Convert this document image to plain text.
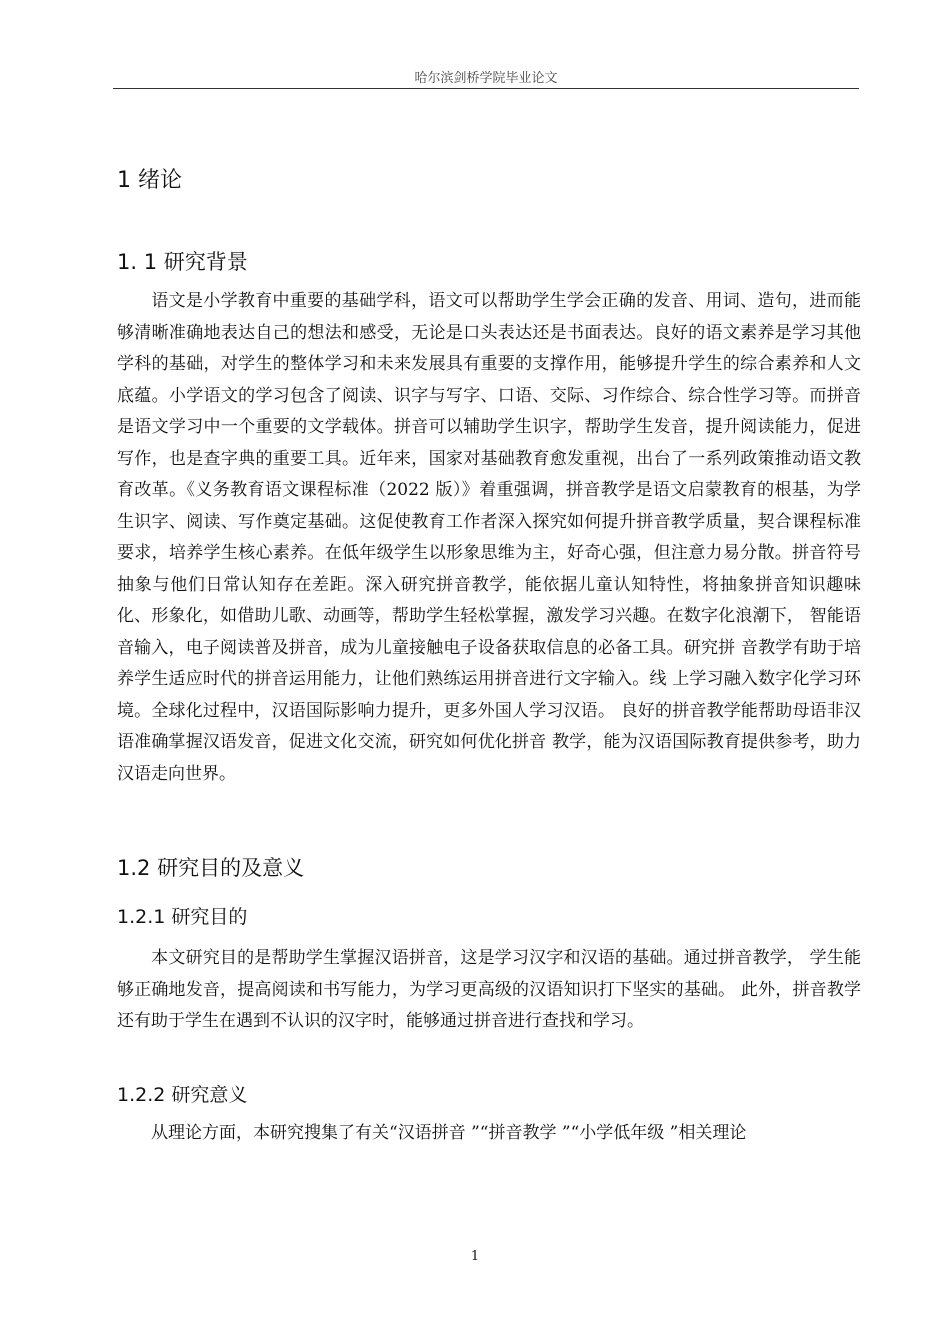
哈尔滨剑桥学院毕业论文
1 绪论
1. 1 研究背景
语文是小学教育中重要的基础学科，语文可以帮助学生学会正确的发音、用词、造句，进而能够清晰准确地表达自己的想法和感受，无论是口头表达还是书面表达。良好的语文素养是学习其他学科的基础，对学生的整体学习和未来发展具有重要的支撑作用，能够提升学生的综合素养和人文底蕴。小学语文的学习包含了阅读、识字与写字、口语、交际、习作综合、综合性学习等。而拼音是语文学习中一个重要的文学载体。拼音可以辅助学生识字，帮助学生发音，提升阅读能力，促进写作，也是查字典的重要工具。近年来，国家对基础教育愈发重视，出台了一系列政策推动语文教育改革。《义务教育语文课程标准（2022 版）》着重强调，拼音教学是语文启蒙教育的根基，为学生识字、阅读、写作奠定基础。这促使教育工作者深入探究如何提升拼音教学质量，契合课程标准要求，培养学生核心素养。在低年级学生以形象思维为主，好奇心强，但注意力易分散。拼音符号抽象与他们日常认知存在差距。深入研究拼音教学，能依据儿童认知特性，将抽象拼音知识趣味化、形象化，如借助儿歌、动画等，帮助学生轻松掌握，激发学习兴趣。在数字化浪潮下， 智能语音输入，电子阅读普及拼音，成为儿童接触电子设备获取信息的必备工具。研究拼 音教学有助于培养学生适应时代的拼音运用能力，让他们熟练运用拼音进行文字输入。线 上学习融入数字化学习环境。全球化过程中，汉语国际影响力提升，更多外国人学习汉语。 良好的拼音教学能帮助母语非汉语准确掌握汉语发音，促进文化交流，研究如何优化拼音 教学，能为汉语国际教育提供参考，助力汉语走向世界。
1.2 研究目的及意义
1.2.1 研究目的
本文研究目的是帮助学生掌握汉语拼音，这是学习汉字和汉语的基础。通过拼音教学， 学生能够正确地发音，提高阅读和书写能力，为学习更高级的汉语知识打下坚实的基础。 此外，拼音教学还有助于学生在遇到不认识的汉字时，能够通过拼音进行查找和学习。
1.2.2 研究意义
从理论方面，本研究搜集了有关“汉语拼音 ”“拼音教学 ”“小学低年级 ”相关理论
1
